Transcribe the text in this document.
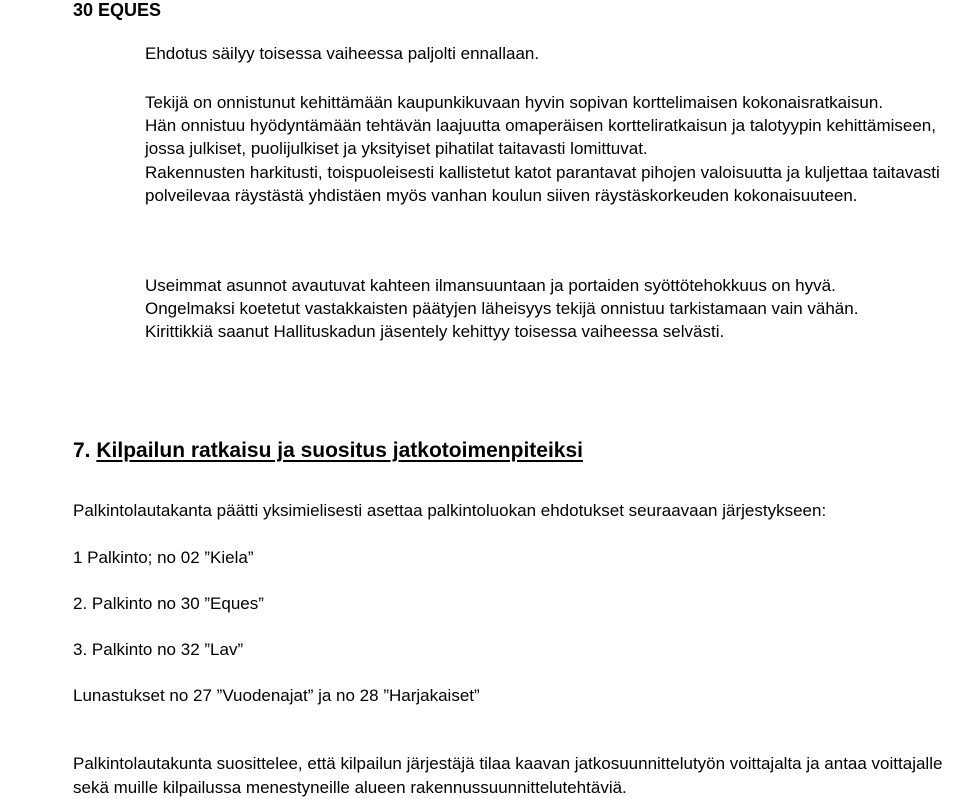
30 EQUES

Ehdotus säilyy toisessa vaiheessa paljolti ennallaan.

Tekijä on onnistunut kehittämään kaupunkikuvaan hyvin sopivan korttelimaisen kokonaisratkaisun.

Hän onnistuu hyödyntämään tehtävän laajuutta omaperäisen kortteliratkaisun ja talotyypin kehittämiseen, jossa julkiset, puolijulkiset ja yksityiset pihatilat taitavasti lomittuvat.

Rakennusten harkitusti, toispuoleisesti kallistetut katot parantavat pihojen valoisuutta ja kuljettaa taitavasti polveilevaa räystästä yhdistäen myös vanhan koulun siiven räystäskorkeuden kokonaisuuteen.

Useimmat asunnot avautuvat kahteen ilmansuuntaan ja portaiden syöttötehokkuus on hyvä.

Ongelmaksi koetetut vastakkaisten päätyjen läheisyys tekijä onnistuu tarkistamaan vain vähän.

Kirittikkiä saanut Hallituskadun jäsentely kehittyy toisessa vaiheessa selvästi.

7. Kilpailun ratkaisu ja suositus jatkotoimenpiteiksi
Palkintolautakanta päätti yksimielisesti asettaa palkintoluokan ehdotukset seuraavaan järjestykseen:
1 Palkinto; no 02 ”Kiela”
2. Palkinto no 30 ”Eques”
3. Palkinto no 32 ”Lav”
Lunastukset no 27 ”Vuodenajat” ja no 28 ”Harjakaiset”
Palkintolautakunta suosittelee, että kilpailun järjestäjä tilaa kaavan jatkosuunnittelutyön voittajalta ja antaa voittajalle sekä muille kilpailussa menestyneille alueen rakennussuunnittelutehtäviä.
